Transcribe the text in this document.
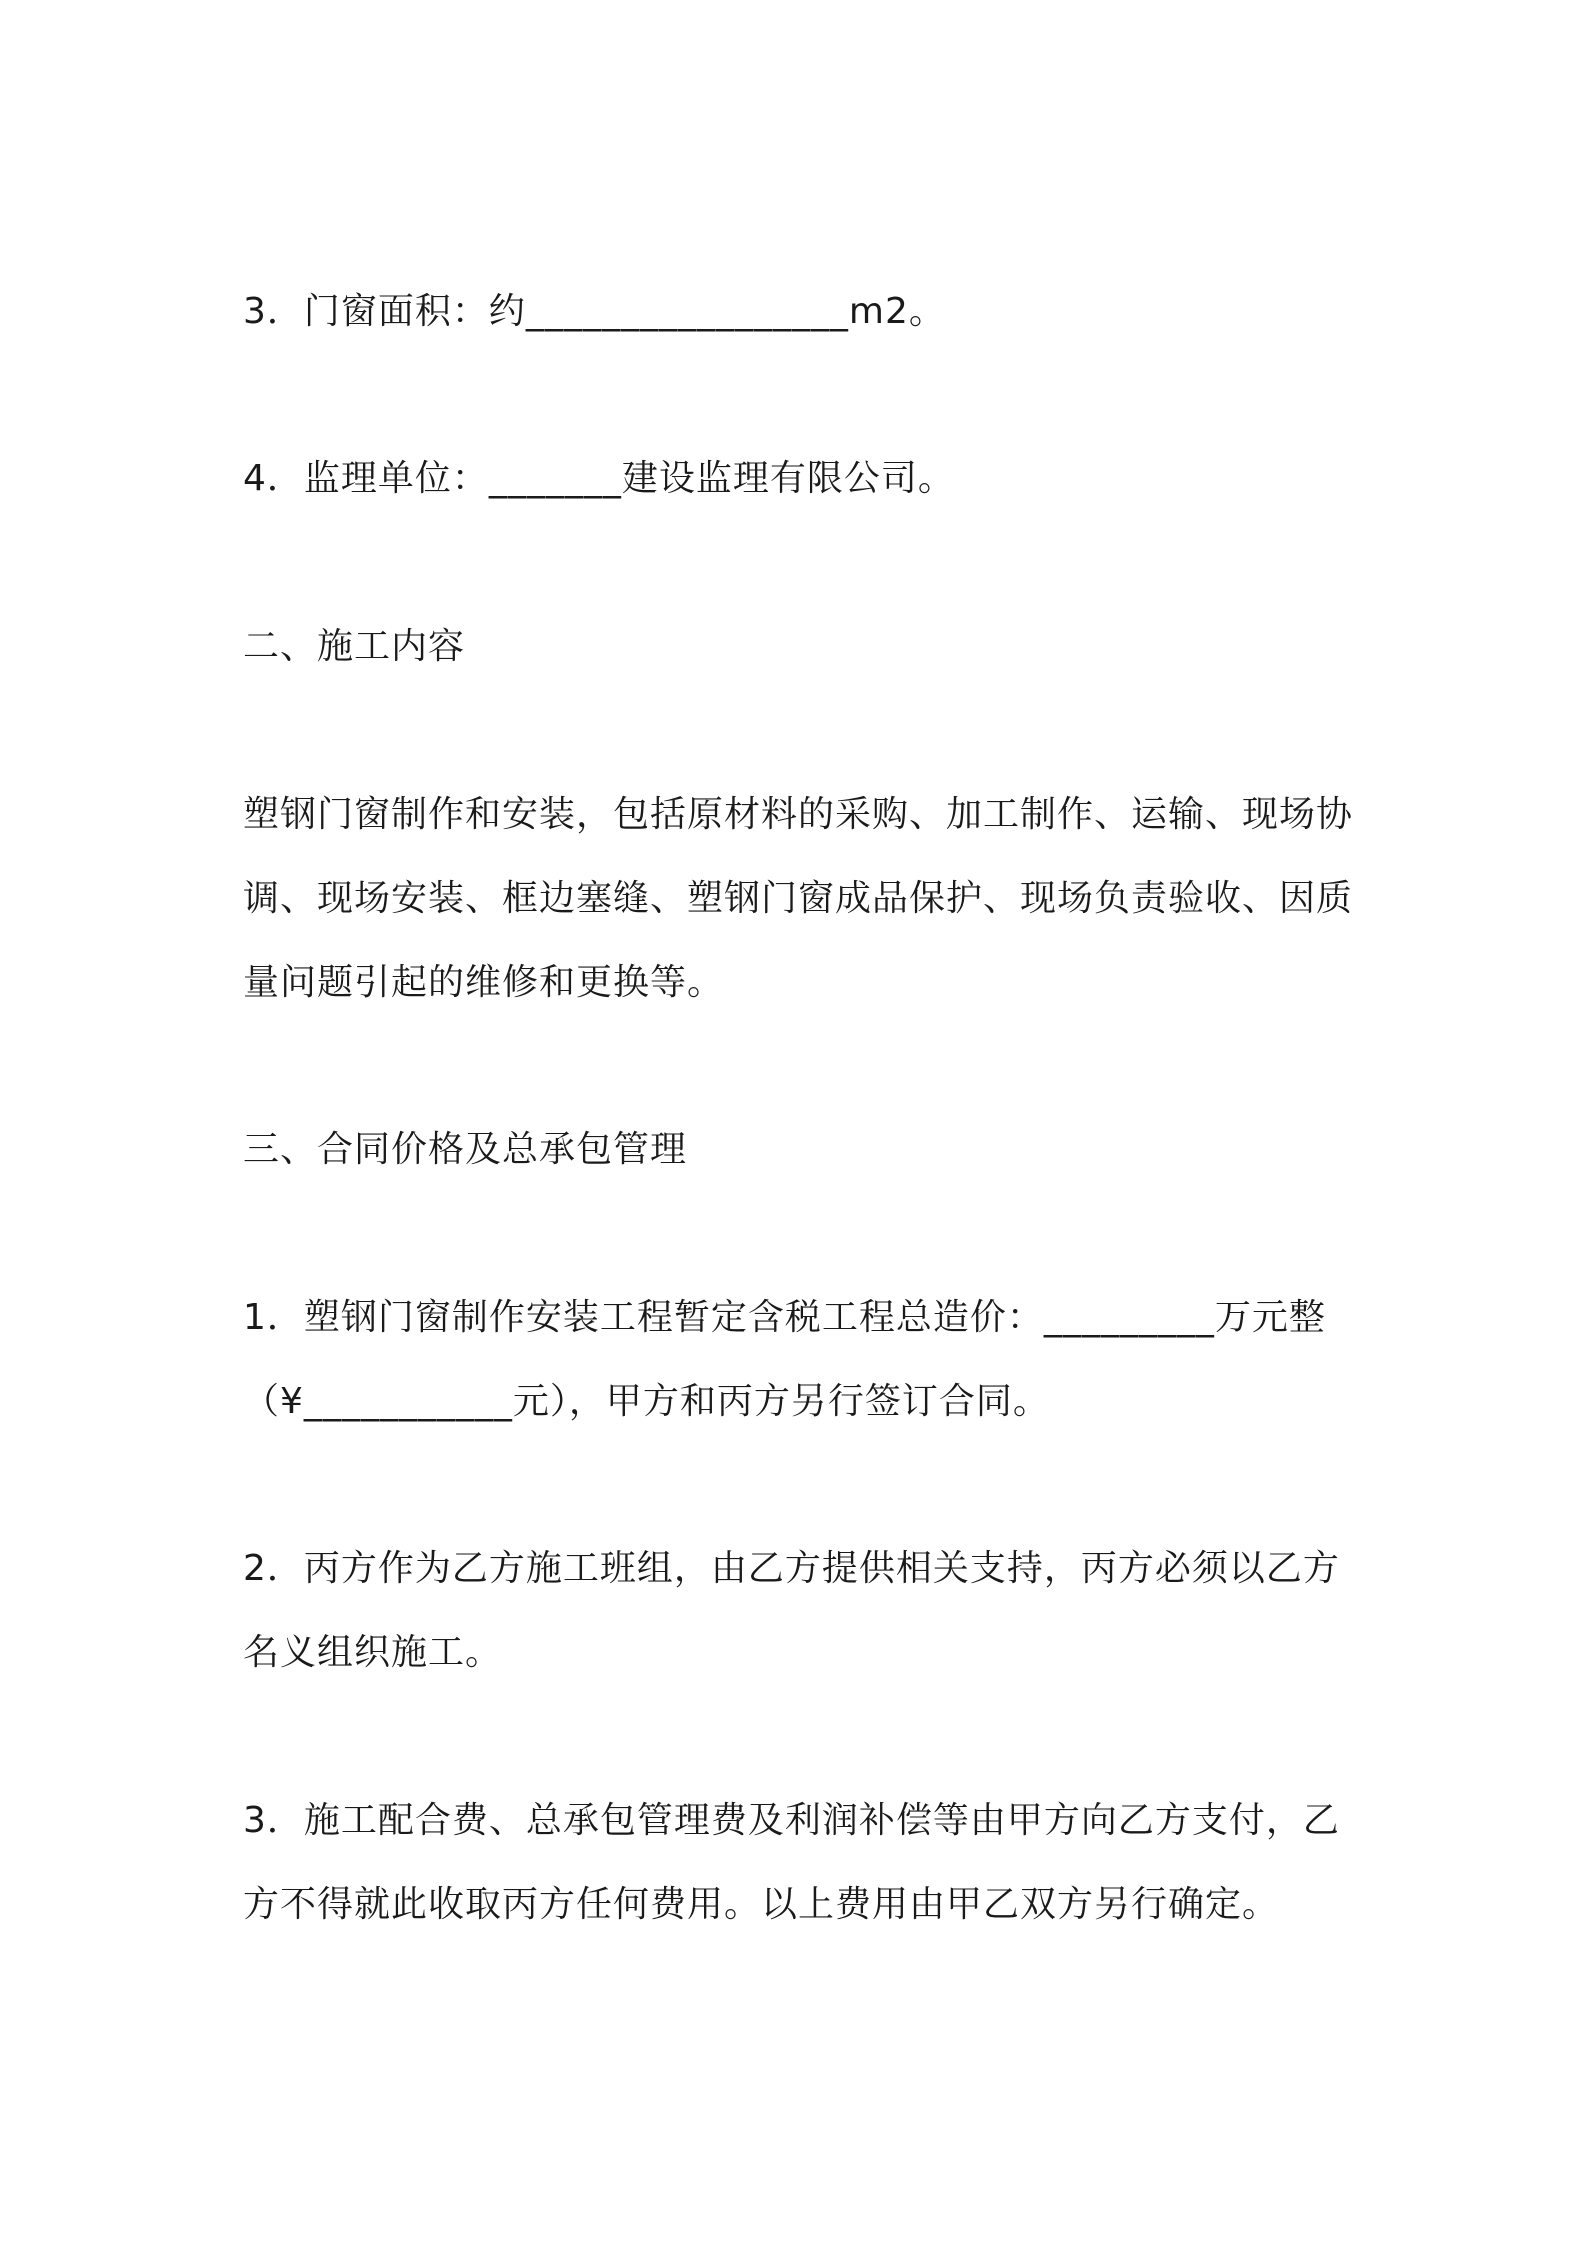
3．门窗面积：约_________________m2。

4．监理单位：_______建设监理有限公司。

二、施工内容

塑钢门窗制作和安装，包括原材料的采购、加工制作、运输、现场协调、现场安装、框边塞缝、塑钢门窗成品保护、现场负责验收、因质量问题引起的维修和更换等。

三、合同价格及总承包管理

1．塑钢门窗制作安装工程暂定含税工程总造价：_________万元整（¥___________元），甲方和丙方另行签订合同。

2．丙方作为乙方施工班组，由乙方提供相关支持，丙方必须以乙方名义组织施工。

3．施工配合费、总承包管理费及利润补偿等由甲方向乙方支付，乙方不得就此收取丙方任何费用。以上费用由甲乙双方另行确定。
